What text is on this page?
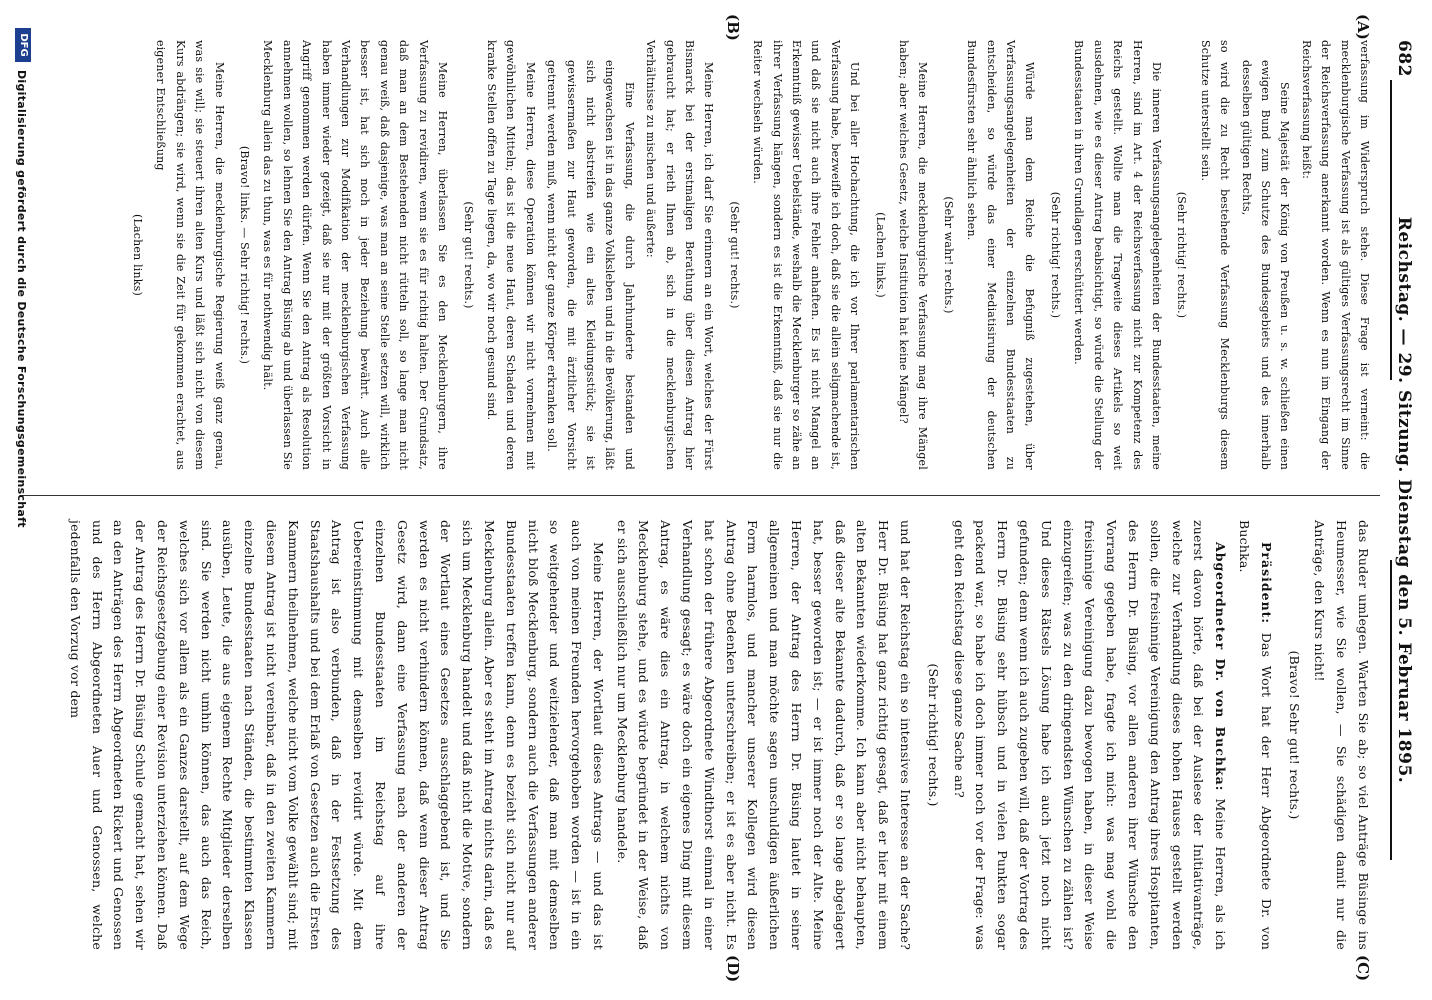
682
Reichstag. — 29. Sitzung. Dienstag den 5. Februar 1895.
(A)
(B)
(C)
(D)

verfassung im Widerspruch stehe. Diese Frage ist verneint: die mecklenburgische Verfassung ist als gültiges Verfassungsrecht im Sinne der Reichsverfassung anerkannt worden. Wenn es nun im Eingang der Reichsverfassung heißt:

Seine Majestät der König von Preußen u. s. w. schließen einen ewigen Bund zum Schutze des Bundesgebiets und des innerhalb desselben gültigen Rechts,

so wird die zu Recht bestehende Verfassung Mecklenburgs diesem Schutze unterstellt sein.

(Sehr richtig! rechts.)

Die inneren Verfassungsangelegenheiten der Bundesstaaten, meine Herren, sind im Art. 4 der Reichsverfassung nicht zur Kompetenz des Reichs gestellt. Wollte man die Tragweite dieses Artikels so weit ausdehnen, wie es dieser Antrag beabsichtigt, so würde die Stellung der Bundesstaaten in ihren Grundlagen erschüttert werden.

(Sehr richtig! rechts.)

Würde man dem Reiche die Befugniß zugestehen, über Verfassungsangelegenheiten der einzelnen Bundesstaaten zu entscheiden, so würde das einer Mediatisirung der deutschen Bundesfürsten sehr ähnlich sehen.

(Sehr wahr! rechts.)

Meine Herren, die mecklenburgische Verfassung mag ihre Mängel haben; aber welches Gesetz, welche Institution hat keine Mängel?

(Lachen links.)

Und bei aller Hochachtung, die ich vor Ihrer parlamentarischen Verfassung habe, bezweifle ich doch, daß sie die allein seligmachende ist, und daß sie nicht auch ihre Fehler anhaften. Es ist nicht Mangel an Erkenntniß gewisser Uebelstände, weshalb die Mecklenburger so zähe an ihrer Verfassung hängen, sondern es ist die Erkenntniß, daß sie nur die Reiter wechseln würden.

(Sehr gut! rechts.)

Meine Herren, ich darf Sie erinnern an ein Wort, welches der Fürst Bismarck bei der erstmaligen Berathung über diesen Antrag hier gebraucht hat; er rieth Ihnen ab, sich in die mecklenburgischen Verhältnisse zu mischen und äußerte:

Eine Verfassung, die durch Jahrhunderte bestanden und eingewachsen ist in das ganze Volksleben und in die Bevölkerung, läßt sich nicht abstreifen wie ein altes Kleidungsstück; sie ist gewissermaßen zur Haut geworden, die mit ärztlicher Vorsicht getrennt werden muß, wenn nicht der ganze Körper erkranken soll.

Meine Herren, diese Operation können wir nicht vornehmen mit gewöhnlichen Mitteln; das ist die neue Haut, deren Schaden und deren kranke Stellen offen zu Tage liegen, da, wo wir noch gesund sind.

(Sehr gut! rechts.)

Meine Herren, überlassen Sie es den Mecklenburgern, ihre Verfassung zu revidiren, wenn sie es für richtig halten. Der Grundsatz, daß man an dem Bestehenden nicht rütteln soll, so lange man nicht genau weiß, daß dasjenige, was man an seine Stelle setzen will, wirklich besser ist, hat sich noch in jeder Beziehung bewährt. Auch alle Verhandlungen zur Modifikation der mecklenburgischen Verfassung haben immer wieder gezeigt, daß sie nur mit der größten Vorsicht in Angriff genommen werden dürfen. Wenn Sie den Antrag als Resolution annehmen wollen, so lehnen Sie den Antrag Büsing ab und überlassen Sie Mecklenburg allein das zu thun, was es für nothwendig hält.

(Bravo! links. — Sehr richtig! rechts.)

Meine Herren, die mecklenburgische Regierung weiß ganz genau, was sie will; sie steuert ihren alten Kurs und läßt sich nicht von diesem Kurs abdrängen; sie wird, wenn sie die Zeit für gekommen erachtet, aus eigener Entschließung

(Lachen links)

das Ruder umlegen. Warten Sie ab; so viel Anträge Büsinge ins Heumesser, wie Sie wollen, — Sie schädigen damit nur die Anträge, den Kurs nicht!

(Bravo! Sehr gut! rechts.)

Präsident: Das Wort hat der Herr Abgeordnete Dr. von Buchka.

Abgeordneter Dr. von Buchka: Meine Herren, als ich zuerst davon hörte, daß bei der Auslese der Initiativanträge, welche zur Verhandlung dieses hohen Hauses gestellt werden sollen, die freisinnige Vereinigung den Antrag ihres Hospitanten, des Herrn Dr. Büsing, vor allen anderen ihrer Wünsche den Vorrang gegeben habe, fragte ich mich: was mag wohl die freisinnige Vereinigung dazu bewogen haben, in dieser Weise einzugreifen; was zu den dringendsten Wünschen zu zählen ist? Und dieses Rätsels Lösung habe ich auch jetzt noch nicht gefunden; denn wenn ich auch zugeben will, daß der Vortrag des Herrn Dr. Büsing sehr hübsch und in vielen Punkten sogar packend war, so habe ich doch immer noch vor der Frage: was geht den Reichstag diese ganze Sache an?

(Sehr richtig! rechts.)

und hat der Reichstag ein so intensives Interesse an der Sache? Herr Dr. Büsing hat ganz richtig gesagt, daß er hier mit einem alten Bekannten wiederkomme. Ich kann aber nicht behaupten, daß dieser alte Bekannte dadurch, daß er so lange abgelagert hat, besser geworden ist; — er ist immer noch der Alte. Meine Herren, der Antrag des Herrn Dr. Büsing lautet in seiner allgemeinen und man möchte sagen unschuldigen äußerlichen Form harmlos, und mancher unserer Kollegen wird diesen Antrag ohne Bedenken unterschreiben; er ist es aber nicht. Es hat schon der frühere Abgeordnete Windthorst einmal in einer Verhandlung gesagt; es wäre doch ein eigenes Ding mit diesem Antrag, es wäre dies ein Antrag, in welchem nichts von Mecklenburg stehe, und es würde begründet in der Weise, daß er sich ausschließlich nur um Mecklenburg handele.

Meine Herren, der Wortlaut dieses Antrags — und das ist auch von meinen Freunden hervorgehoben worden — ist in ein so weitgehender und weitzielender, daß man mit demselben nicht bloß Mecklenburg, sondern auch die Verfassungen anderer Bundesstaaten treffen kann, denn es bezieht sich nicht nur auf Mecklenburg allein. Aber es steht im Antrag nichts darin, daß es sich um Mecklenburg handelt und daß nicht die Motive, sondern der Wortlaut eines Gesetzes ausschlaggebend ist, und Sie werden es nicht verhindern können, daß wenn dieser Antrag Gesetz wird, dann eine Verfassung nach der anderen der einzelnen Bundesstaaten im Reichstag auf ihre Uebereinstimmung mit demselben revidirt würde. Mit dem Antrag ist also verbunden, daß in der Festsetzung des Staatshaushalts und bei dem Erlaß von Gesetzen auch die Ersten Kammern theilnehmen, welche nicht vom Volke gewählt sind; mit diesem Antrag ist nicht vereinbar, daß in den zweiten Kammern einzelne Bundesstaaten nach Ständen, die bestimmten Klassen ausüben, Leute, die aus eigenem Rechte Mitglieder derselben sind. Sie werden nicht umhin können, das auch das Reich, welches sich vor allem als ein Ganzes darstellt, auf dem Wege der Reichsgesetzgebung einer Revision unterziehen können. Daß der Antrag des Herrn Dr. Büsing Schule gemacht hat, sehen wir an den Anträgen des Herrn Abgeordneten Rickert und Genossen und des Herrn Abgeordneten Auer und Genossen, welche jedenfalls den Vorzug vor dem

DFG
Digitalisierung gefördert durch die Deutsche Forschungsgemeinschaft
